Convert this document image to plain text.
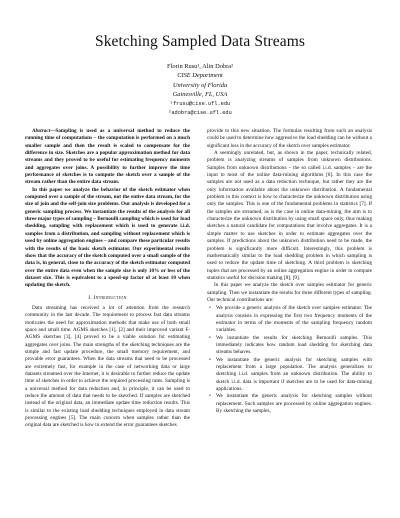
Sketching Sampled Data Streams
Florin Rusu¹, Alin Dobra²
CISE Department
University of Florida
Gainesville, FL, USA
¹frusu@cise.ufl.edu
²adobra@cise.ufl.edu

Abstract—Sampling is used as a universal method to reduce the running time of computations – the computation is performed on a much smaller sample and then the result is scaled to compensate for the difference in size. Sketches are a popular approximation method for data streams and they proved to be useful for estimating frequency moments and aggregates over joins. A possibility to further improve the time performance of sketches is to compute the sketch over a sample of the stream rather than the entire data stream.

In this paper we analyze the behavior of the sketch estimator when computed over a sample of the stream, not the entire data stream, for the size of join and the self-join size problems. Our analysis is developed for a generic sampling process. We instantiate the results of the analysis for all three major types of sampling – Bernoulli sampling which is used for load shedding, sampling with replacement which is used to generate i.i.d. samples from a distribution, and sampling without replacement which is used by online aggregation engines – and compare these particular results with the results of the basic sketch estimator. Our experimental results show that the accuracy of the sketch computed over a small sample of the data is, in general, close to the accuracy of the sketch estimator computed over the entire data even when the sample size is only 10% or less of the dataset size. This is equivalent to a speed-up factor of at least 10 when updating the sketch.

I. Introduction

Data streaming has received a lot of attention from the research community in the last decade. The requirement to process fast data streams motivates the need for approximation methods that make use of both small space and small time. AGMS sketches [1], [2] and their improved variant F-AGMS sketches [3], [4] proved to be a viable solution for estimating aggregates over joins. The main strengths of the sketching techniques are the simple and fast update procedure, the small memory requirement, and provable error guarantees. When the data streams that need to be processed are extremely fast, for example in the case of networking data or large datasets streamed over the Internet, it is desirable to further reduce the update time of sketches in order to achieve the required processing rates. Sampling is a universal method for data reduction and, in principle, it can be used to reduce the amount of data that needs to be sketched. If samples are sketched instead of the original data, an immediate update time reduction results. This is similar to the existing load shedding techniques employed in data stream processing engines [5]. The main concern when samples rather than the original data are sketched is how to extend the error guarantees sketches

provide to this new situation. The formulas resulting from such an analysis could be used to determine how aggressive the load shedding can be without a significant loss in the accuracy of the sketch over samples estimator.

A seemingly unrelated, but, as shown in the paper, technically related, problem is analyzing streams of samples from unknown distributions. Samples from unknown distributions – the so called i.i.d. samples – are the input to most of the online data-mining algorithms [6]. In this case the samples are not used as a data reduction technique, but rather they are the only information available about the unknown distribution. A fundamental problem in this context is how to characterize the unknown distribution using only the samples. This is one of the fundamental problems in statistics [7]. If the samples are streamed, as is the case in online data-mining, the aim is to characterize the unknown distribution by using small space only, thus making sketches a natural candidate for computations that involve aggregates. It is a simple matter to use sketches in order to estimate aggregates over the samples. If predictions about the unknown distribution need to be made, the problem is significantly more difficult. Interestingly, this problem is mathematically similar to the load shedding problem in which sampling is used to reduce the update time of sketching. A third problem is sketching tuples that are processed by an online aggregation engine in order to compute statistics useful for decision making [8], [9].

In this paper we analyze the sketch over samples estimator for generic sampling. Then we instantiate the results for three different types of sampling. Our technical contributions are:

• We provide a generic analysis of the sketch over samples estimator. The analysis consists in expressing the first two frequency moments of the estimator in terms of the moments of the sampling frequency random variables.
• We instantiate the results for sketching Bernoulli samples. This immediately indicates how random load shedding for sketching data streams behaves.
• We instantiate the generic analysis for sketching samples with replacement from a large population. The analysis generalizes to sketching i.i.d. samples from an unknown distribution. The ability to sketch i.i.d. data is important if sketches are to be used for data-mining applications.
• We instantiate the generic analysis for sketching samples without replacement. Such samples are processed by online aggregation engines. By sketching the samples,
